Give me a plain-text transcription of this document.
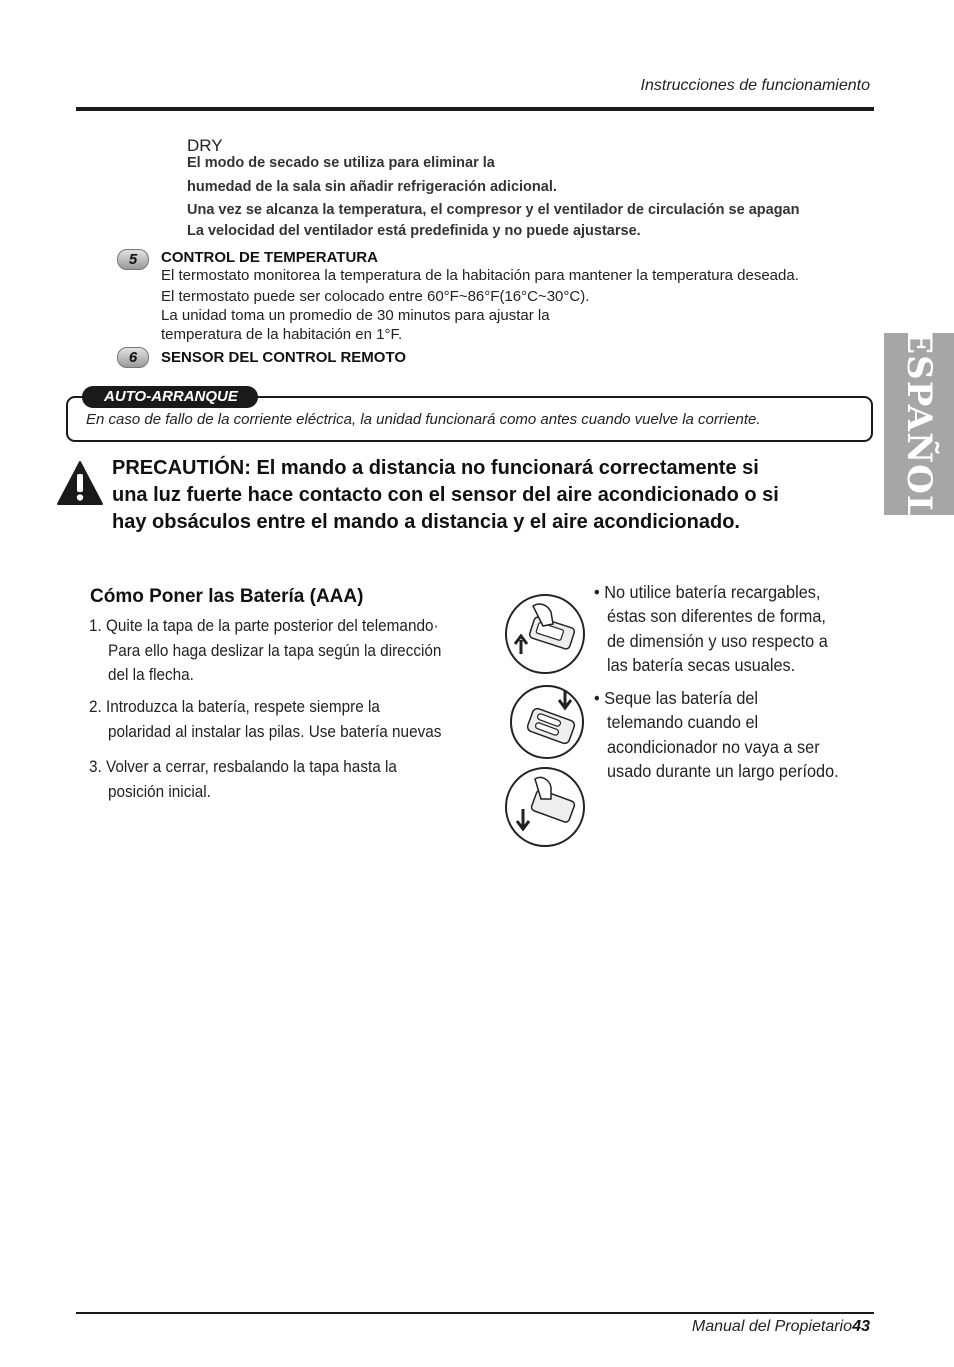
Instrucciones de funcionamiento
DRY
El modo de secado se utiliza para eliminar la
humedad de la sala sin añadir refrigeración adicional.
Una vez se alcanza la temperatura, el compresor y el ventilador de circulación se apagan
La velocidad del ventilador está predefinida y no puede ajustarse.
5	CONTROL DE TEMPERATURA
El termostato monitorea la temperatura de la habitación para mantener la temperatura deseada.
El termostato puede ser colocado entre 60°F~86°F(16°C~30°C).
La unidad toma un promedio de 30 minutos para ajustar la
temperatura de la habitación en 1°F.
6	SENSOR DEL CONTROL REMOTO	ESPAÑOL
AUTO-ARRANQUE
En caso de fallo de la corriente eléctrica, la unidad funcionará como antes cuando vuelve la corriente.
PRECAUTIÓN: El mando a distancia no funcionará correctamente si
una luz fuerte hace contacto con el sensor del aire acondicionado o si
hay obsáculos entre el mando a distancia y el aire acondicionado.
Cómo Poner las Batería (AAA)
1. Quite la tapa de la parte posterior del telemando·
Para ello haga deslizar la tapa según la dirección
del la flecha.
2. Introduzca la batería, respete siempre la
polaridad al instalar las pilas. Use batería nuevas
3. Volver a cerrar, resbalando la tapa hasta la
posición inicial.
• No utilice batería recargables,
éstas son diferentes de forma,
de dimensión y uso respecto a
las batería secas usuales.
• Seque las batería del
telemando cuando el
acondicionador no vaya a ser
usado durante un largo período.
Manual del Propietario 43
